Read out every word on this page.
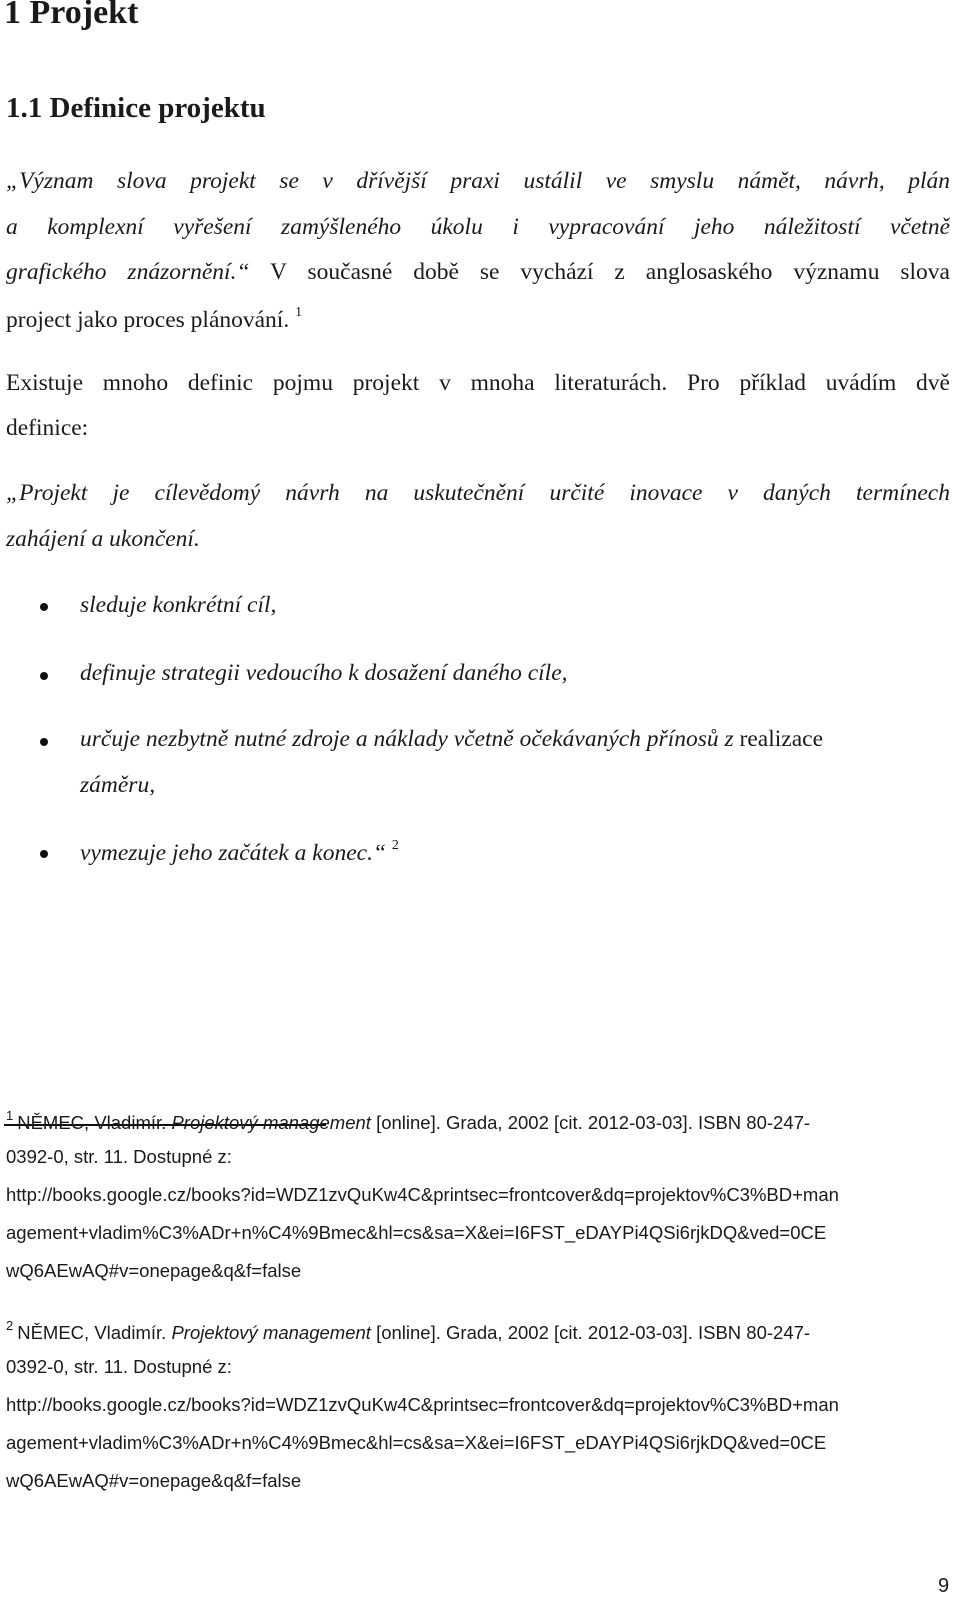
1 Projekt
1.1 Definice projektu
„Význam slova projekt se v dřívější praxi ustálil ve smyslu námět, návrh, plán
a komplexní vyřešení zamýšleného úkolu i vypracování jeho náležitostí včetně
grafického znázornění.“ V současné době se vychází z anglosaského významu slova
project jako proces plánování. $^1$
Existuje mnoho definic pojmu projekt v mnoha literaturách. Pro příklad uvádím dvě
definice:
„Projekt je cílevědomý návrh na uskutečnění určité inovace v daných termínech
zahájení a ukončení.
sleduje konkrétní cíl,
definuje strategii vedoucího k dosažení daného cíle,
určuje nezbytně nutné zdroje a náklady včetně očekávaných přínosů z realizace
záměru,
vymezuje jeho začátek a konec.“ $^2$
$^1$ NĚMEC, Vladimír. Projektový management [online]. Grada, 2002 [cit. 2012-03-03]. ISBN 80-247-
0392-0, str. 11. Dostupné z:
http://books.google.cz/books?id=WDZ1zvQuKw4C&printsec=frontcover&dq=projektov%C3%BD+man
agement+vladim%C3%ADr+n%C4%9Bmec&hl=cs&sa=X&ei=I6FST_eDAYPi4QSi6rjkDQ&ved=0CE
wQ6AEwAQ#v=onepage&q&f=false
$^2$ NĚMEC, Vladimír. Projektový management [online]. Grada, 2002 [cit. 2012-03-03]. ISBN 80-247-
0392-0, str. 11. Dostupné z:
http://books.google.cz/books?id=WDZ1zvQuKw4C&printsec=frontcover&dq=projektov%C3%BD+man
agement+vladim%C3%ADr+n%C4%9Bmec&hl=cs&sa=X&ei=I6FST_eDAYPi4QSi6rjkDQ&ved=0CE
wQ6AEwAQ#v=onepage&q&f=false
9
